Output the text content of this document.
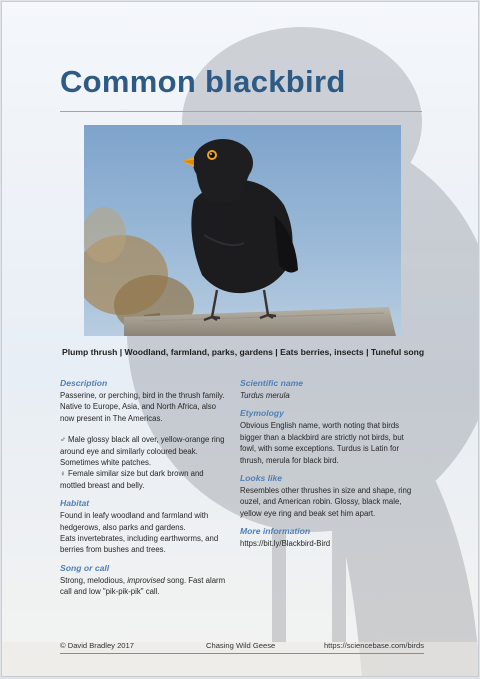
Common blackbird
Plump thrush | Woodland, farmland, parks, gardens | Eats berries, insects | Tuneful song
Description

Passerine, or perching, bird in the thrush family. Native to Europe, Asia, and North Africa, also now present in The Americas.

♂ Male glossy black all over, yellow-orange ring around eye and similarly coloured beak. Sometimes white patches.

♀ Female similar size but dark brown and mottled breast and belly.

Habitat

Found in leafy woodland and farmland with hedgerows, also parks and gardens.

Eats invertebrates, including earthworms, and berries from bushes and trees.

Song or call

Strong, melodious, improvised song. Fast alarm call and low "pik-pik-pik" call.

Scientific name

Turdus merula

Etymology

Obvious English name, worth noting that birds bigger than a blackbird are strictly not birds, but fowl, with some exceptions. Turdus is Latin for thrush, merula for black bird.

Looks like

Resembles other thrushes in size and shape, ring ouzel, and American robin. Glossy, black male, yellow eye ring and beak set him apart.

More information

https://bit.ly/Blackbird-Bird

© David Bradley 2017	Chasing Wild Geese	https://sciencebase.com/birds
